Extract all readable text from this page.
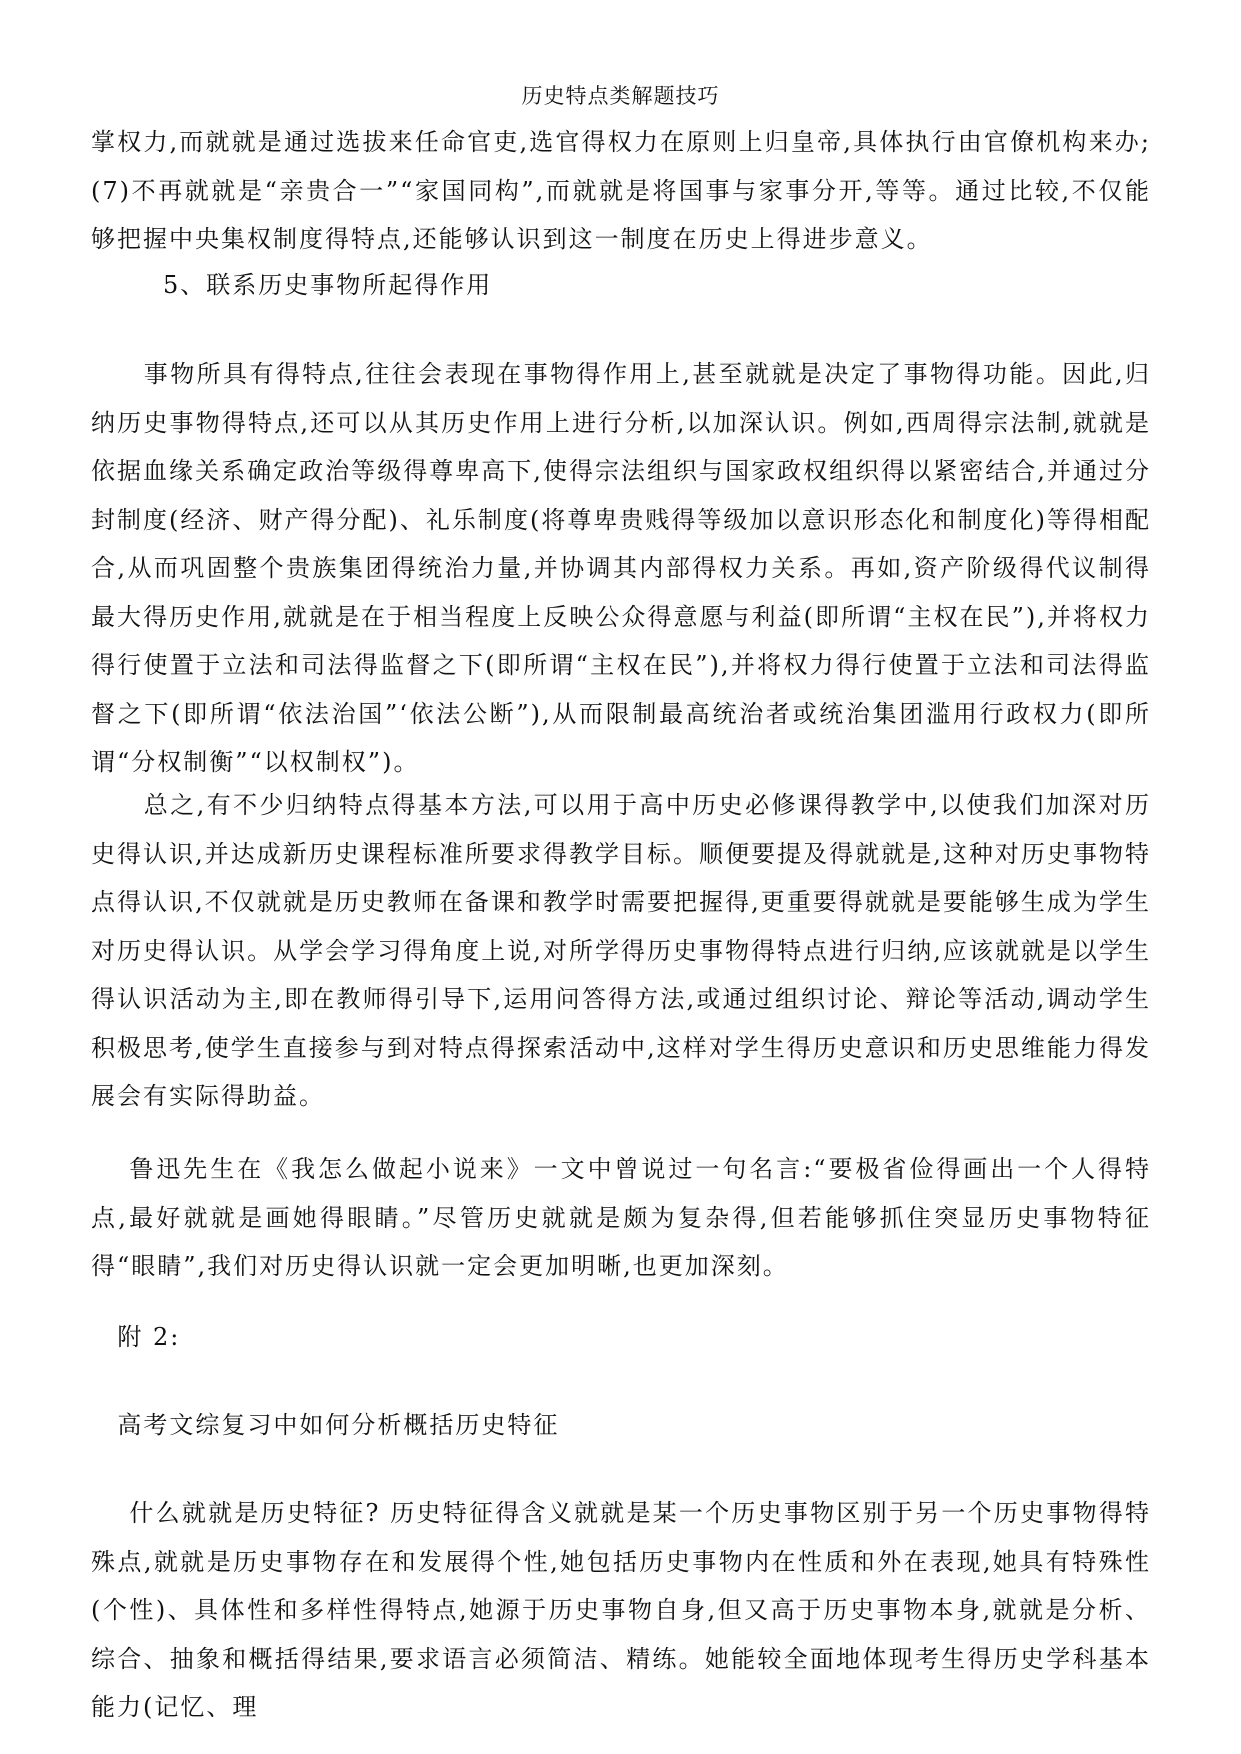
历史特点类解题技巧

掌权力,而就就是通过选拔来任命官吏,选官得权力在原则上归皇帝,具体执行由官僚机构来办;(7)不再就就是“亲贵合一”“家国同构”,而就就是将国事与家事分开,等等。通过比较,不仅能够把握中央集权制度得特点,还能够认识到这一制度在历史上得进步意义。

5、联系历史事物所起得作用

事物所具有得特点,往往会表现在事物得作用上,甚至就就是决定了事物得功能。因此,归纳历史事物得特点,还可以从其历史作用上进行分析,以加深认识。例如,西周得宗法制,就就是依据血缘关系确定政治等级得尊卑高下,使得宗法组织与国家政权组织得以紧密结合,并通过分封制度(经济、财产得分配)、礼乐制度(将尊卑贵贱得等级加以意识形态化和制度化)等得相配合,从而巩固整个贵族集团得统治力量,并协调其内部得权力关系。再如,资产阶级得代议制得最大得历史作用,就就是在于相当程度上反映公众得意愿与利益(即所谓“主权在民”),并将权力得行使置于立法和司法得监督之下(即所谓“主权在民”),并将权力得行使置于立法和司法得监督之下(即所谓“依法治国”‘依法公断”),从而限制最高统治者或统治集团滥用行政权力(即所谓“分权制衡”“以权制权”)。

总之,有不少归纳特点得基本方法,可以用于高中历史必修课得教学中,以使我们加深对历史得认识,并达成新历史课程标准所要求得教学目标。顺便要提及得就就是,这种对历史事物特点得认识,不仅就就是历史教师在备课和教学时需要把握得,更重要得就就是要能够生成为学生对历史得认识。从学会学习得角度上说,对所学得历史事物得特点进行归纳,应该就就是以学生得认识活动为主,即在教师得引导下,运用问答得方法,或通过组织讨论、辩论等活动,调动学生积极思考,使学生直接参与到对特点得探索活动中,这样对学生得历史意识和历史思维能力得发展会有实际得助益。

鲁迅先生在《我怎么做起小说来》一文中曾说过一句名言:“要极省俭得画出一个人得特点,最好就就是画她得眼睛。”尽管历史就就是颇为复杂得,但若能够抓住突显历史事物特征得“眼睛”,我们对历史得认识就一定会更加明晰,也更加深刻。

附 2:

高考文综复习中如何分析概括历史特征

什么就就是历史特征? 历史特征得含义就就是某一个历史事物区别于另一个历史事物得特殊点,就就是历史事物存在和发展得个性,她包括历史事物内在性质和外在表现,她具有特殊性(个性)、具体性和多样性得特点,她源于历史事物自身,但又高于历史事物本身,就就是分析、综合、抽象和概括得结果,要求语言必须简洁、精练。她能较全面地体现考生得历史学科基本能力(记忆、理
